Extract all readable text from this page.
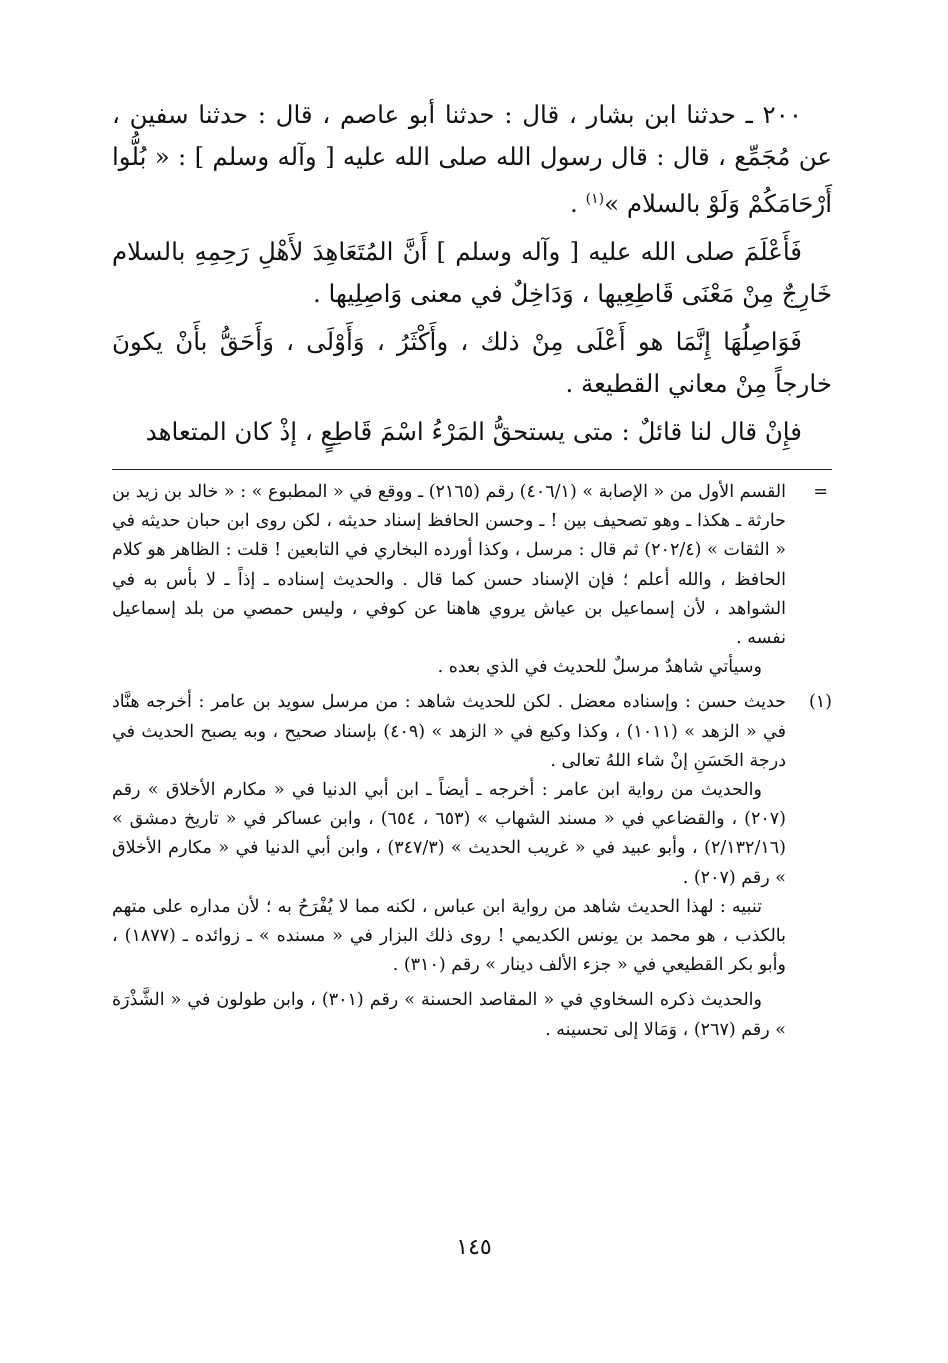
٢٠٠ ـ حدثنا ابن بشار ، قال : حدثنا أبو عاصم ، قال : حدثنا سفين ، عن مُجَمِّع ، قال : قال رسول الله صلى الله عليه [ وآله وسلم ] : « بُلُّوا أَرْحَامَكُمْ وَلَوْ بالسلام »$^{(١)}$ .

فَأَعْلَمَ صلى الله عليه [ وآله وسلم ] أَنَّ المُتَعَاهِدَ لأَهْلِ رَحِمِهِ بالسلام خَارِجٌ مِنْ مَعْنَى قَاطِعِيها ، وَدَاخِلٌ في معنى وَاصِلِيها .

فَوَاصِلُهَا إِنَّمَا هو أَعْلَى مِنْ ذلك ، وأَكْثَرُ ، وَأَوْلَى ، وَأَحَقُّ بأَنْ يكونَ خارجاً مِنْ معاني القطيعة .

فإِنْ قال لنا قائلٌ : متى يستحقُّ المَرْءُ اسْمَ قَاطِعٍ ، إذْ كان المتعاهد

=
القسم الأول من « الإصابة » (٤٠٦/١) رقم (٢١٦٥) ـ ووقع في « المطبوع » : « خالد بن زيد بن حارثة ـ هكذا ـ وهو تصحيف بين ! ـ وحسن الحافظ إسناد حديثه ، لكن روى ابن حبان حديثه في « الثقات » (٢٠٢/٤) ثم قال : مرسل ، وكذا أورده البخاري في التابعين ! قلت : الظاهر هو كلام الحافظ ، والله أعلم ؛ فإن الإسناد حسن كما قال . والحديث إسناده ـ إذاً ـ لا بأس به في الشواهد ، لأن إسماعيل بن عياش يروي هاهنا عن كوفي ، وليس حمصي من بلد إسماعيل نفسه .

وسيأتي شاهدٌ مرسلٌ للحديث في الذي بعده .

(١)
حديث حسن : وإسناده معضل . لكن للحديث شاهد : من مرسل سويد بن عامر : أخرجه هنَّاد في « الزهد » (١٠١١) ، وكذا وكيع في « الزهد » (٤٠٩) بإسناد صحيح ، وبه يصبح الحديث في درجة الحَسَنِ إنْ شاء اللهُ تعالى .

والحديث من رواية ابن عامر : أخرجه ـ أيضاً ـ ابن أبي الدنيا في « مكارم الأخلاق » رقم (٢٠٧) ، والقضاعي في « مسند الشهاب » (٦٥٣ ، ٦٥٤) ، وابن عساكر في « تاريخ دمشق » (٢/١٣٢/١٦) ، وأبو عبيد في « غريب الحديث » (٣٤٧/٣) ، وابن أبي الدنيا في « مكارم الأخلاق » رقم (٢٠٧) .

تنبيه : لهذا الحديث شاهد من رواية ابن عباس ، لكنه مما لا يُفْرَحُ به ؛ لأن مداره على متهم بالكذب ، هو محمد بن يونس الكديمي ! روى ذلك البزار في « مسنده » ـ زوائده ـ (١٨٧٧) ، وأبو بكر القطيعي في « جزء الألف دينار » رقم (٣١٠) .

والحديث ذكره السخاوي في « المقاصد الحسنة » رقم (٣٠١) ، وابن طولون في « الشَّذْرَة » رقم (٢٦٧) ، وَمَالا إلى تحسينه .

١٤٥
